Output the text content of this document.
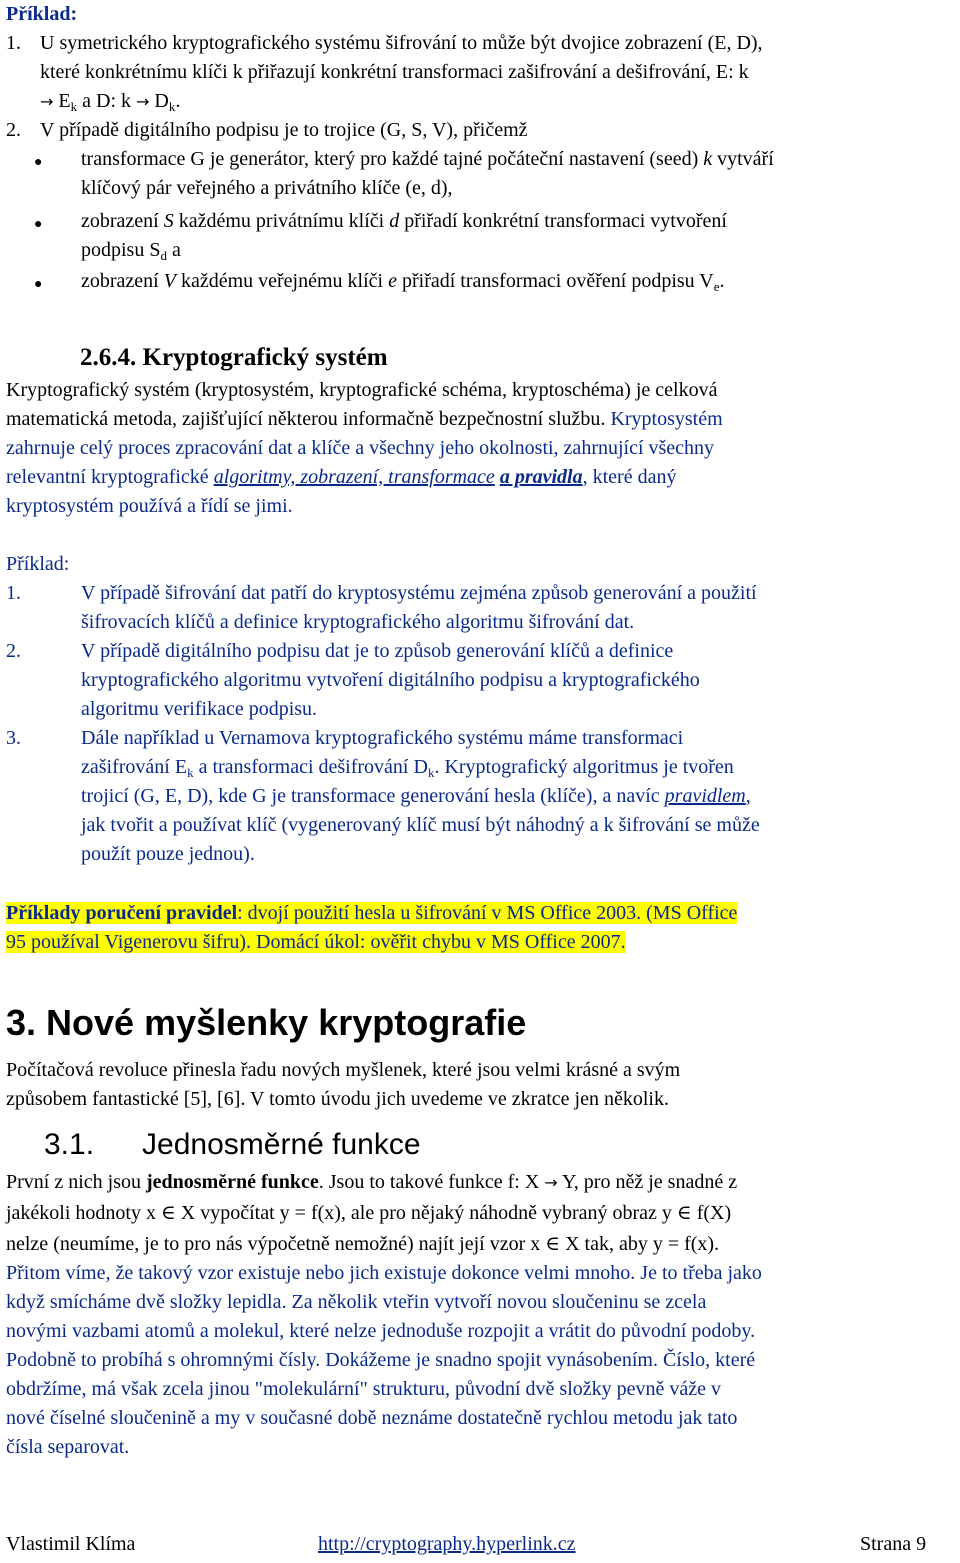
Příklad:
1. U symetrického kryptografického systému šifrování to může být dvojice zobrazení (E, D),
které konkrétnímu klíči k přiřazují konkrétní transformaci zašifrování a dešifrování, E: k
→ $E_k$ a D: $k \to D_k$.
2. V případě digitálního podpisu je to trojice (G, S, V), přičemž
● transformace G je generátor, který pro každé tajné počáteční nastavení (seed) k vytváří
klíčový pár veřejného a privátního klíče (e, d),
● zobrazení S každému privátnímu klíči d přiřadí konkrétní transformaci vytvoření
podpisu $S_d$ a
● zobrazení V každému veřejnému klíči e přiřadí transformaci ověření podpisu $V_e$.
2.6.4. Kryptografický systém
Kryptografický systém (kryptosystém, kryptografické schéma, kryptoschéma) je celková
matematická metoda, zajišťující některou informačně bezpečnostní službu. Kryptosystém
zahrnuje celý proces zpracování dat a klíče a všechny jeho okolnosti, zahrnující všechny
relevantní kryptografické algoritmy, zobrazení, transformace a pravidla, které daný
kryptosystém používá a řídí se jimi.
Příklad:
1.	V případě šifrování dat patří do kryptosystému zejména způsob generování a použití
šifrovacích klíčů a definice kryptografického algoritmu šifrování dat.
2.	V případě digitálního podpisu dat je to způsob generování klíčů a definice
kryptografického algoritmu vytvoření digitálního podpisu a kryptografického
algoritmu verifikace podpisu.
3.	Dále například u Vernamova kryptografického systému máme transformaci
zašifrování $E_k$ a transformaci dešifrování $D_k$. Kryptografický algoritmus je tvořen
trojicí (G, E, D), kde G je transformace generování hesla (klíče), a navíc pravidlem,
jak tvořit a používat klíč (vygenerovaný klíč musí být náhodný a k šifrování se může
použít pouze jednou).
Příklady poručení pravidel: dvojí použití hesla u šifrování v MS Office 2003. (MS Office
95 používal Vigenerovu šifru). Domácí úkol: ověřit chybu v MS Office 2007.
3. Nové myšlenky kryptografie
Počítačová revoluce přinesla řadu nových myšlenek, které jsou velmi krásné a svým
způsobem fantastické [5], [6]. V tomto úvodu jich uvedeme ve zkratce jen několik.
3.1. Jednosměrné funkce
První z nich jsou jednosměrné funkce. Jsou to takové funkce f: X → Y, pro něž je snadné z
jakékoli hodnoty x ∈ X vypočítat y = f(x), ale pro nějaký náhodně vybraný obraz y ∈ f(X)
nelze (neumíme, je to pro nás výpočetně nemožné) najít její vzor x ∈ X tak, aby y = f(x).
Přitom víme, že takový vzor existuje nebo jich existuje dokonce velmi mnoho. Je to třeba jako
když smícháme dvě složky lepidla. Za několik vteřin vytvoří novou sloučeninu se zcela
novými vazbami atomů a molekul, které nelze jednoduše rozpojit a vrátit do původní podoby.
Podobně to probíhá s ohromnými čísly. Dokážeme je snadno spojit vynásobením. Číslo, které
obdržíme, má však zcela jinou "molekulární" strukturu, původní dvě složky pevně váže v
nové číselné sloučenině a my v současné době neznáme dostatečně rychlou metodu jak tato
čísla separovat.
Vlastimil Klíma	http://cryptography.hyperlink.cz	Strana 9
